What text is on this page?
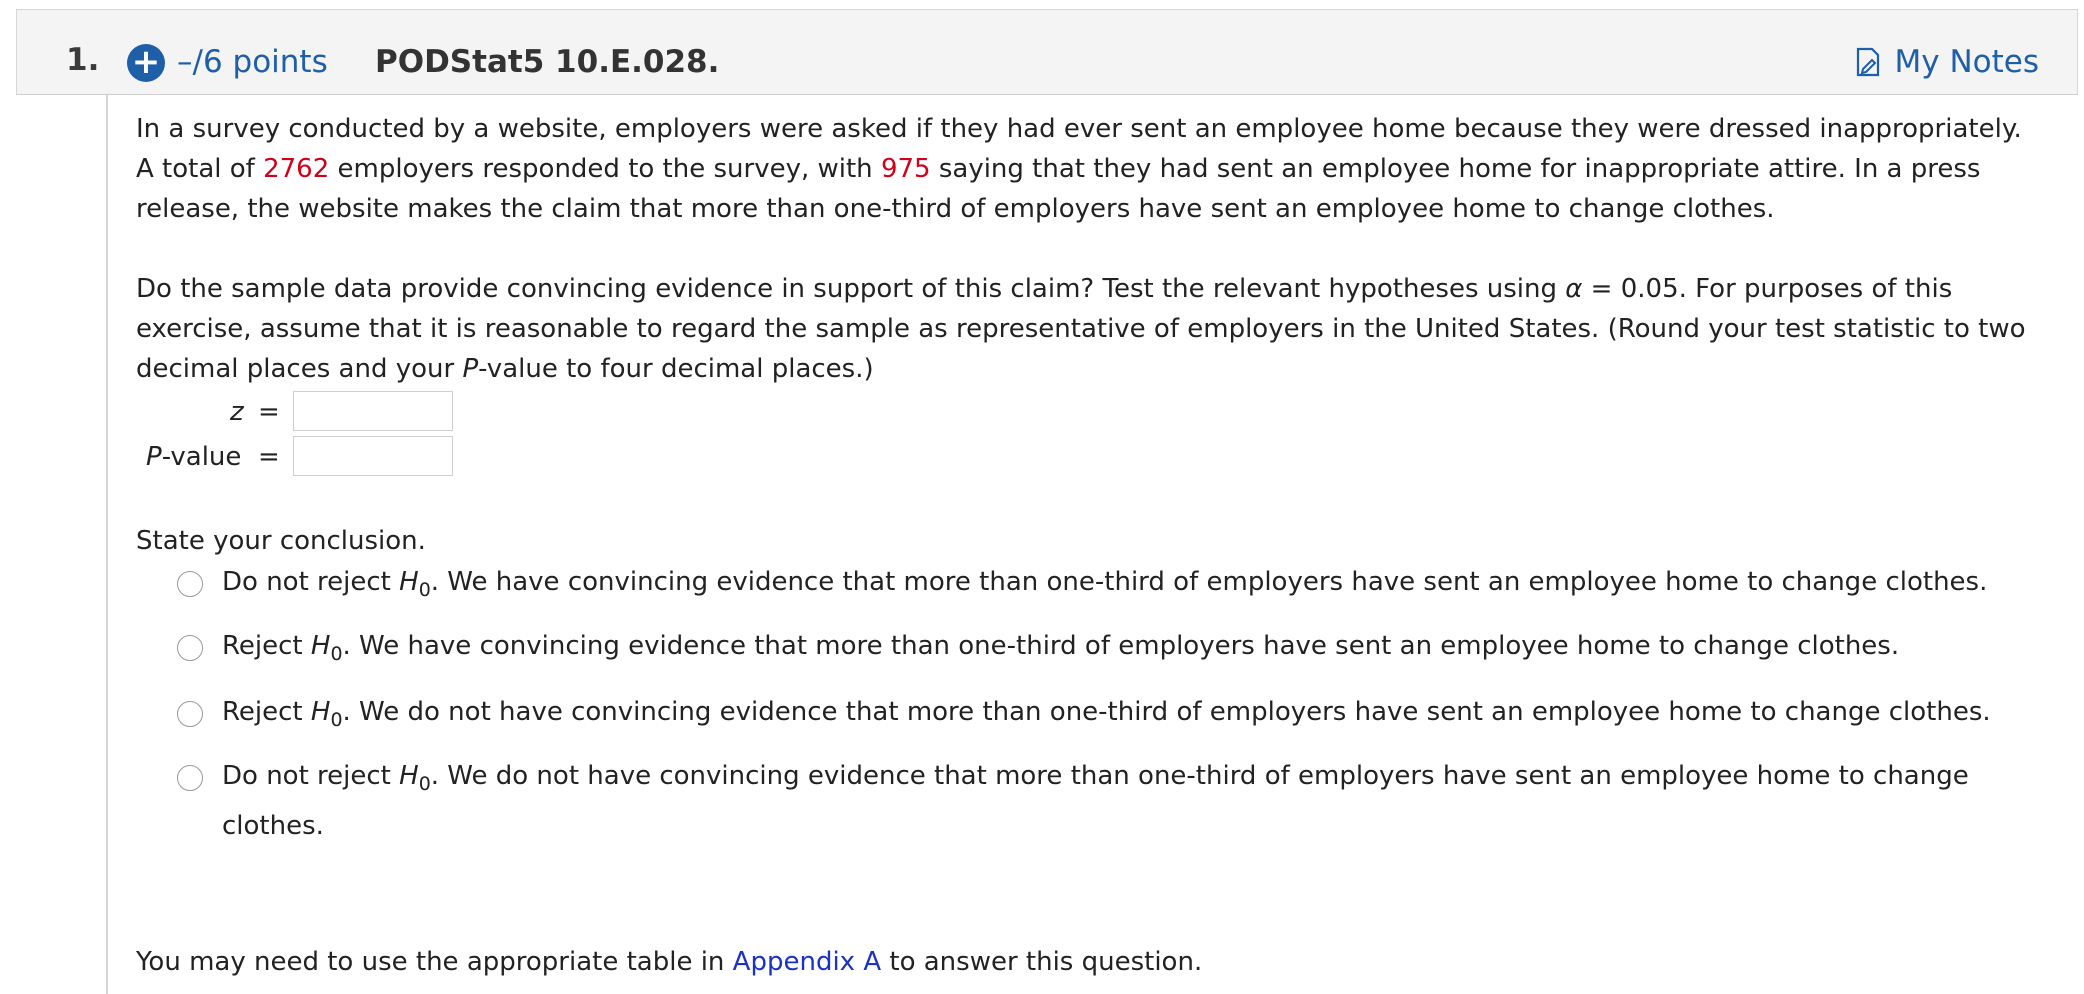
1. + –/6 points PODStat5 10.E.028.	My Notes
In a survey conducted by a website, employers were asked if they had ever sent an employee home because they were dressed inappropriately.
A total of 2762 employers responded to the survey, with 975 saying that they had sent an employee home for inappropriate attire. In a press
release, the website makes the claim that more than one-third of employers have sent an employee home to change clothes.
Do the sample data provide convincing evidence in support of this claim? Test the relevant hypotheses using α = 0.05. For purposes of this
exercise, assume that it is reasonable to regard the sample as representative of employers in the United States. (Round your test statistic to two
decimal places and your P-value to four decimal places.)
z =
P-value =
State your conclusion.
Do not reject $H_0$. We have convincing evidence that more than one-third of employers have sent an employee home to change clothes.
Reject $H_0$. We have convincing evidence that more than one-third of employers have sent an employee home to change clothes.
Reject $H_0$. We do not have convincing evidence that more than one-third of employers have sent an employee home to change clothes.
Do not reject $H_0$. We do not have convincing evidence that more than one-third of employers have sent an employee home to change
clothes.
You may need to use the appropriate table in Appendix A to answer this question.
